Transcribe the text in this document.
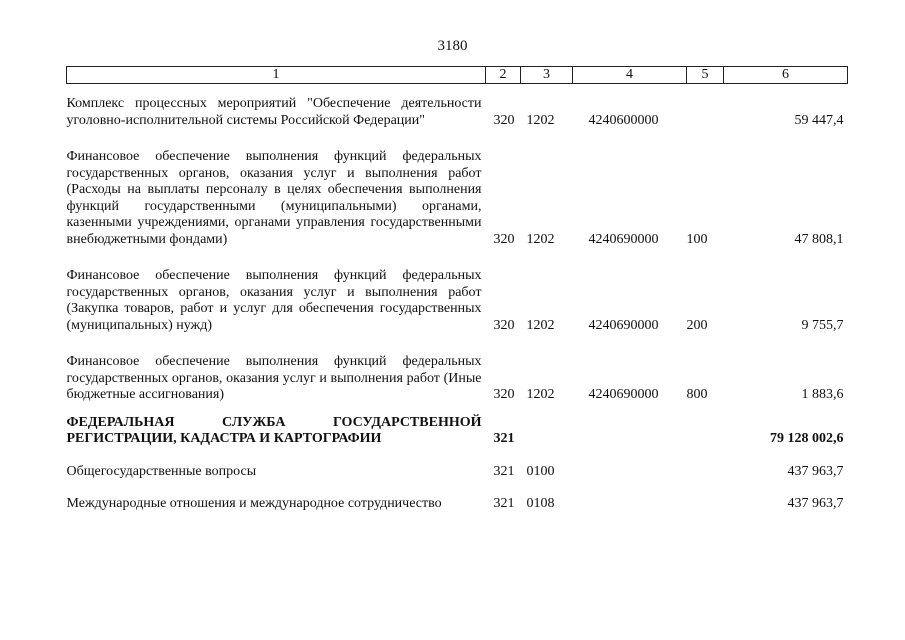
3180
1	2	3	4	5	6
Комплекс процессных мероприятий "Обеспечение деятельности уголовно-исполнительной системы Российской Федерации"	320	1202	4240600000		59 447,4
Финансовое обеспечение выполнения функций федеральных государственных органов, оказания услуг и выполнения работ (Расходы на выплаты персоналу в целях обеспечения выполнения функций государственными (муниципальными) органами, казенными учреждениями, органами управления государственными внебюджетными фондами)	320	1202	4240690000	100	47 808,1
Финансовое обеспечение выполнения функций федеральных государственных органов, оказания услуг и выполнения работ (Закупка товаров, работ и услуг для обеспечения государственных (муниципальных) нужд)	320	1202	4240690000	200	9 755,7
Финансовое обеспечение выполнения функций федеральных государственных органов, оказания услуг и выполнения работ (Иные бюджетные ассигнования)	320	1202	4240690000	800	1 883,6
ФЕДЕРАЛЬНАЯ СЛУЖБА ГОСУДАРСТВЕННОЙ РЕГИСТРАЦИИ, КАДАСТРА И КАРТОГРАФИИ	321				79 128 002,6
Общегосударственные вопросы	321	0100			437 963,7
Международные отношения и международное сотрудничество	321	0108			437 963,7
